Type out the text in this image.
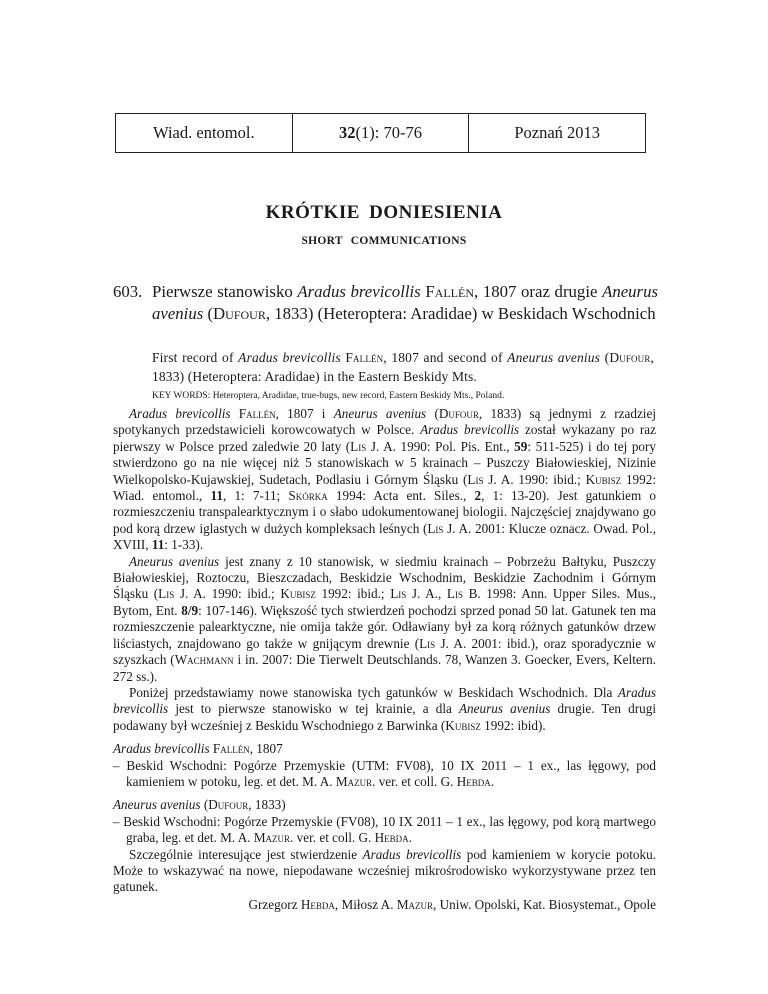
Wiad. entomol.	32 (1): 70-76	Poznań 2013
KRÓTKIE DONIESIENIA
SHORT COMMUNICATIONS
603. Pierwsze stanowisko Aradus brevicollis Fallén, 1807 oraz drugie Aneurus avenius (Dufour, 1833) (Heteroptera: Aradidae) w Beskidach Wschodnich
First record of Aradus brevicollis Fallén, 1807 and second of Aneurus avenius (Dufour, 1833) (Heteroptera: Aradidae) in the Eastern Beskidy Mts.
KEY WORDS: Heteroptera, Aradidae, true-bugs, new record, Eastern Beskidy Mts., Poland.

Aradus brevicollis Fallén, 1807 i Aneurus avenius (Dufour, 1833) są jednymi z rzadziej spotykanych przedstawicieli korowcowatych w Polsce. Aradus brevicollis został wykazany po raz pierwszy w Polsce przed zaledwie 20 laty (Lis J. A. 1990: Pol. Pis. Ent., 59: 511-525) i do tej pory stwierdzono go na nie więcej niż 5 stanowiskach w 5 krainach – Puszczy Białowieskiej, Nizinie Wielkopolsko-Kujawskiej, Sudetach, Podlasiu i Górnym Śląsku (Lis J. A. 1990: ibid.; Kubisz 1992: Wiad. entomol., 11, 1: 7-11; Skórka 1994: Acta ent. Siles., 2, 1: 13-20). Jest gatunkiem o rozmieszczeniu transpalearktycznym i o słabo udokumentowanej biologii. Najczęściej znajdywano go pod korą drzew iglastych w dużych kompleksach leśnych (Lis J. A. 2001: Klucze oznacz. Owad. Pol., XVIII, 11: 1-33).

Aneurus avenius jest znany z 10 stanowisk, w siedmiu krainach – Pobrzeżu Bałtyku, Puszczy Białowieskiej, Roztoczu, Bieszczadach, Beskidzie Wschodnim, Beskidzie Zachodnim i Górnym Śląsku (Lis J. A. 1990: ibid.; Kubisz 1992: ibid.; Lis J. A., Lis B. 1998: Ann. Upper Siles. Mus., Bytom, Ent. 8/9: 107-146). Większość tych stwierdzeń pochodzi sprzed ponad 50 lat. Gatunek ten ma rozmieszczenie palearktyczne, nie omija także gór. Odławiany był za korą różnych gatunków drzew liściastych, znajdowano go także w gnijącym drewnie (Lis J. A. 2001: ibid.), oraz sporadycznie w szyszkach (Wachmann i in. 2007: Die Tierwelt Deutschlands. 78, Wanzen 3. Goecker, Evers, Keltern. 272 ss.).

Poniżej przedstawiamy nowe stanowiska tych gatunków w Beskidach Wschodnich. Dla Aradus brevicollis jest to pierwsze stanowisko w tej krainie, a dla Aneurus avenius drugie. Ten drugi podawany był wcześniej z Beskidu Wschodniego z Barwinka (Kubisz 1992: ibid).

Aradus brevicollis Fallén, 1807

– Beskid Wschodni: Pogórze Przemyskie (UTM: FV08), 10 IX 2011 – 1 ex., las łęgowy, pod kamieniem w potoku, leg. et det. M. A. Mazur. ver. et coll. G. Hebda.

Aneurus avenius (Dufour, 1833)

– Beskid Wschodni: Pogórze Przemyskie (FV08), 10 IX 2011 – 1 ex., las łęgowy, pod korą martwego graba, leg. et det. M. A. Mazur. ver. et coll. G. Hebda.

Szczególnie interesujące jest stwierdzenie Aradus brevicollis pod kamieniem w korycie potoku. Może to wskazywać na nowe, niepodawane wcześniej mikrośrodowisko wykorzystywane przez ten gatunek.

Grzegorz Hebda, Miłosz A. Mazur, Uniw. Opolski, Kat. Biosystemat., Opole
